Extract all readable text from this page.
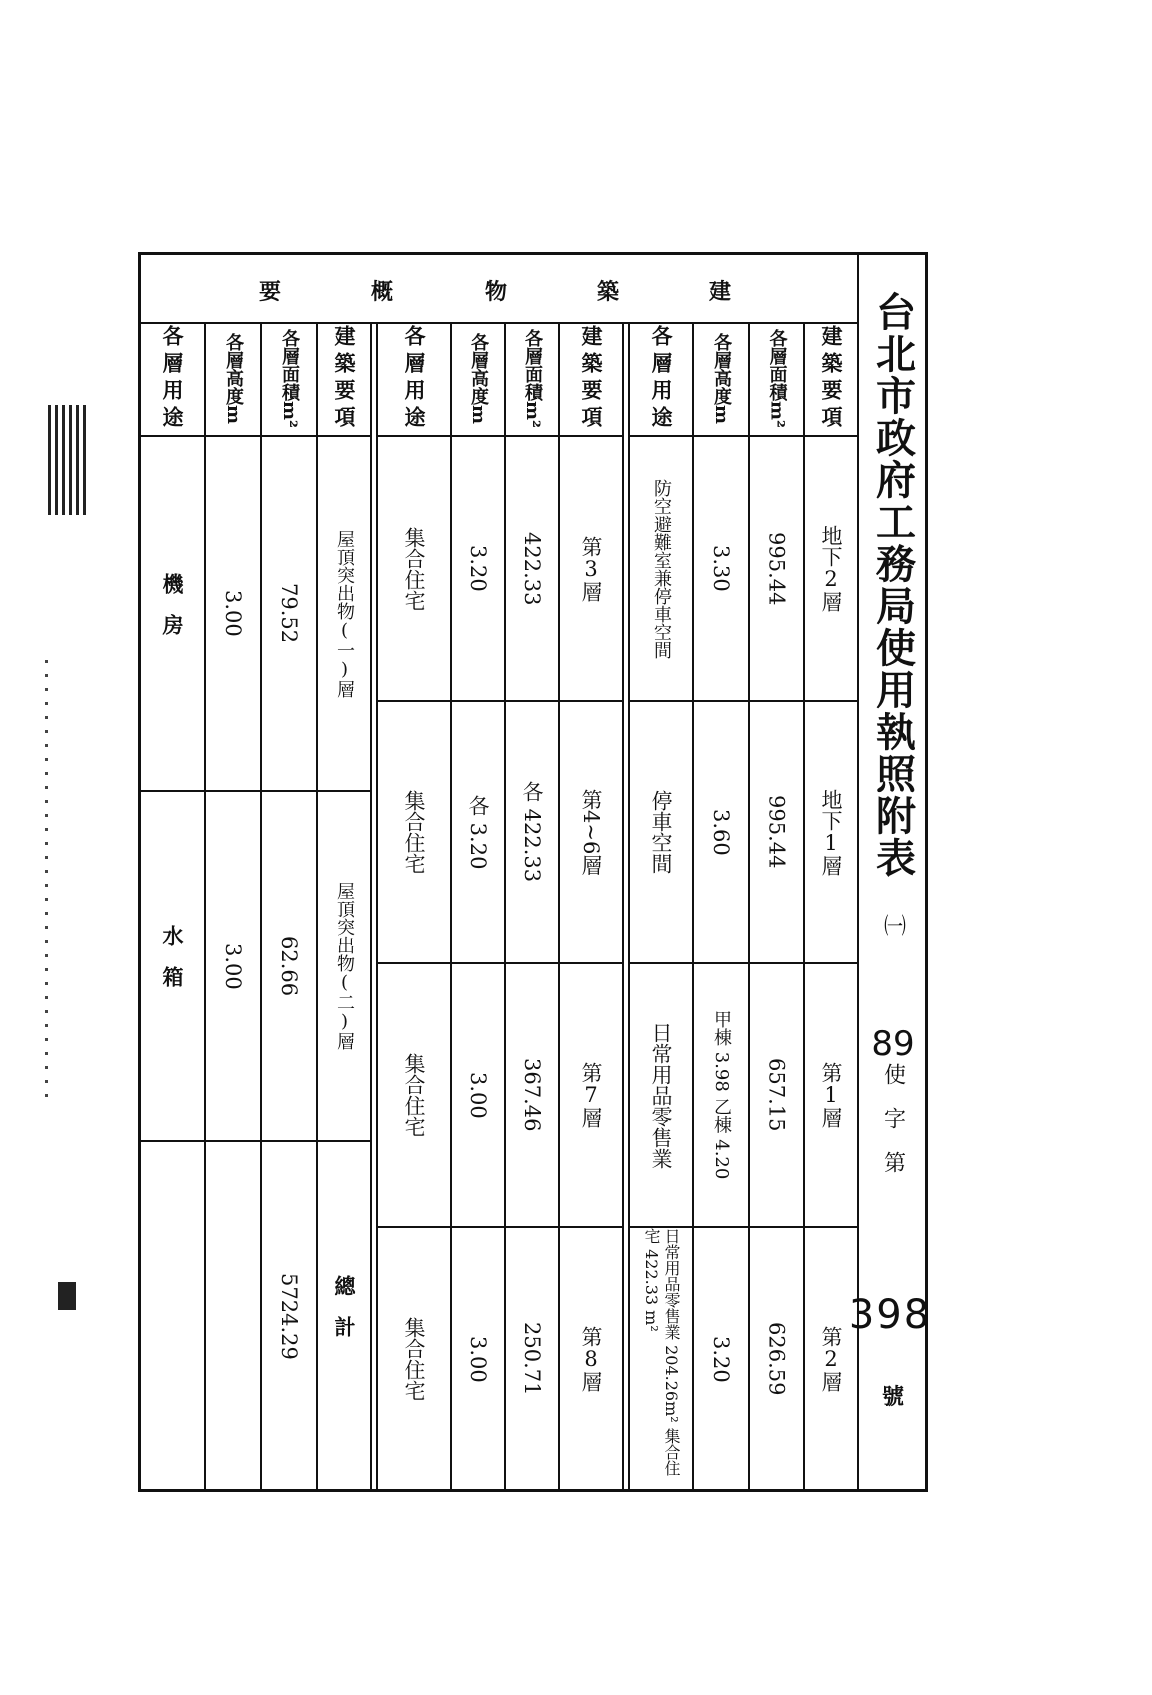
台北市政府工務局使用執照附表
㈠
89
使
字
第
398
號
建
築
物
概
要
建築要項
各層面積m²
各層高度m
各層用途
地下2層
995.44
3.30
防空避難室兼停車空間
地下1層
995.44
3.60
停車空間
第1層
657.15
甲棟 3.98 乙棟 4.20
日常用品零售業
第2層
626.59
3.20
日常用品零售業 204.26m² 集合住宅 422.33 m²
建築要項
各層面積m²
各層高度m
各層用途
第3層
422.33
3.20
集合住宅
第4~6層
各 422.33
各 3.20
集合住宅
第7層
367.46
3.00
集合住宅
第8層
250.71
3.00
集合住宅
建築要項
各層面積m²
各層高度m
各層用途
屋頂突出物(一)層
79.52
3.00
機房
屋頂突出物(二)層
62.66
3.00
水箱
總計
5724.29
